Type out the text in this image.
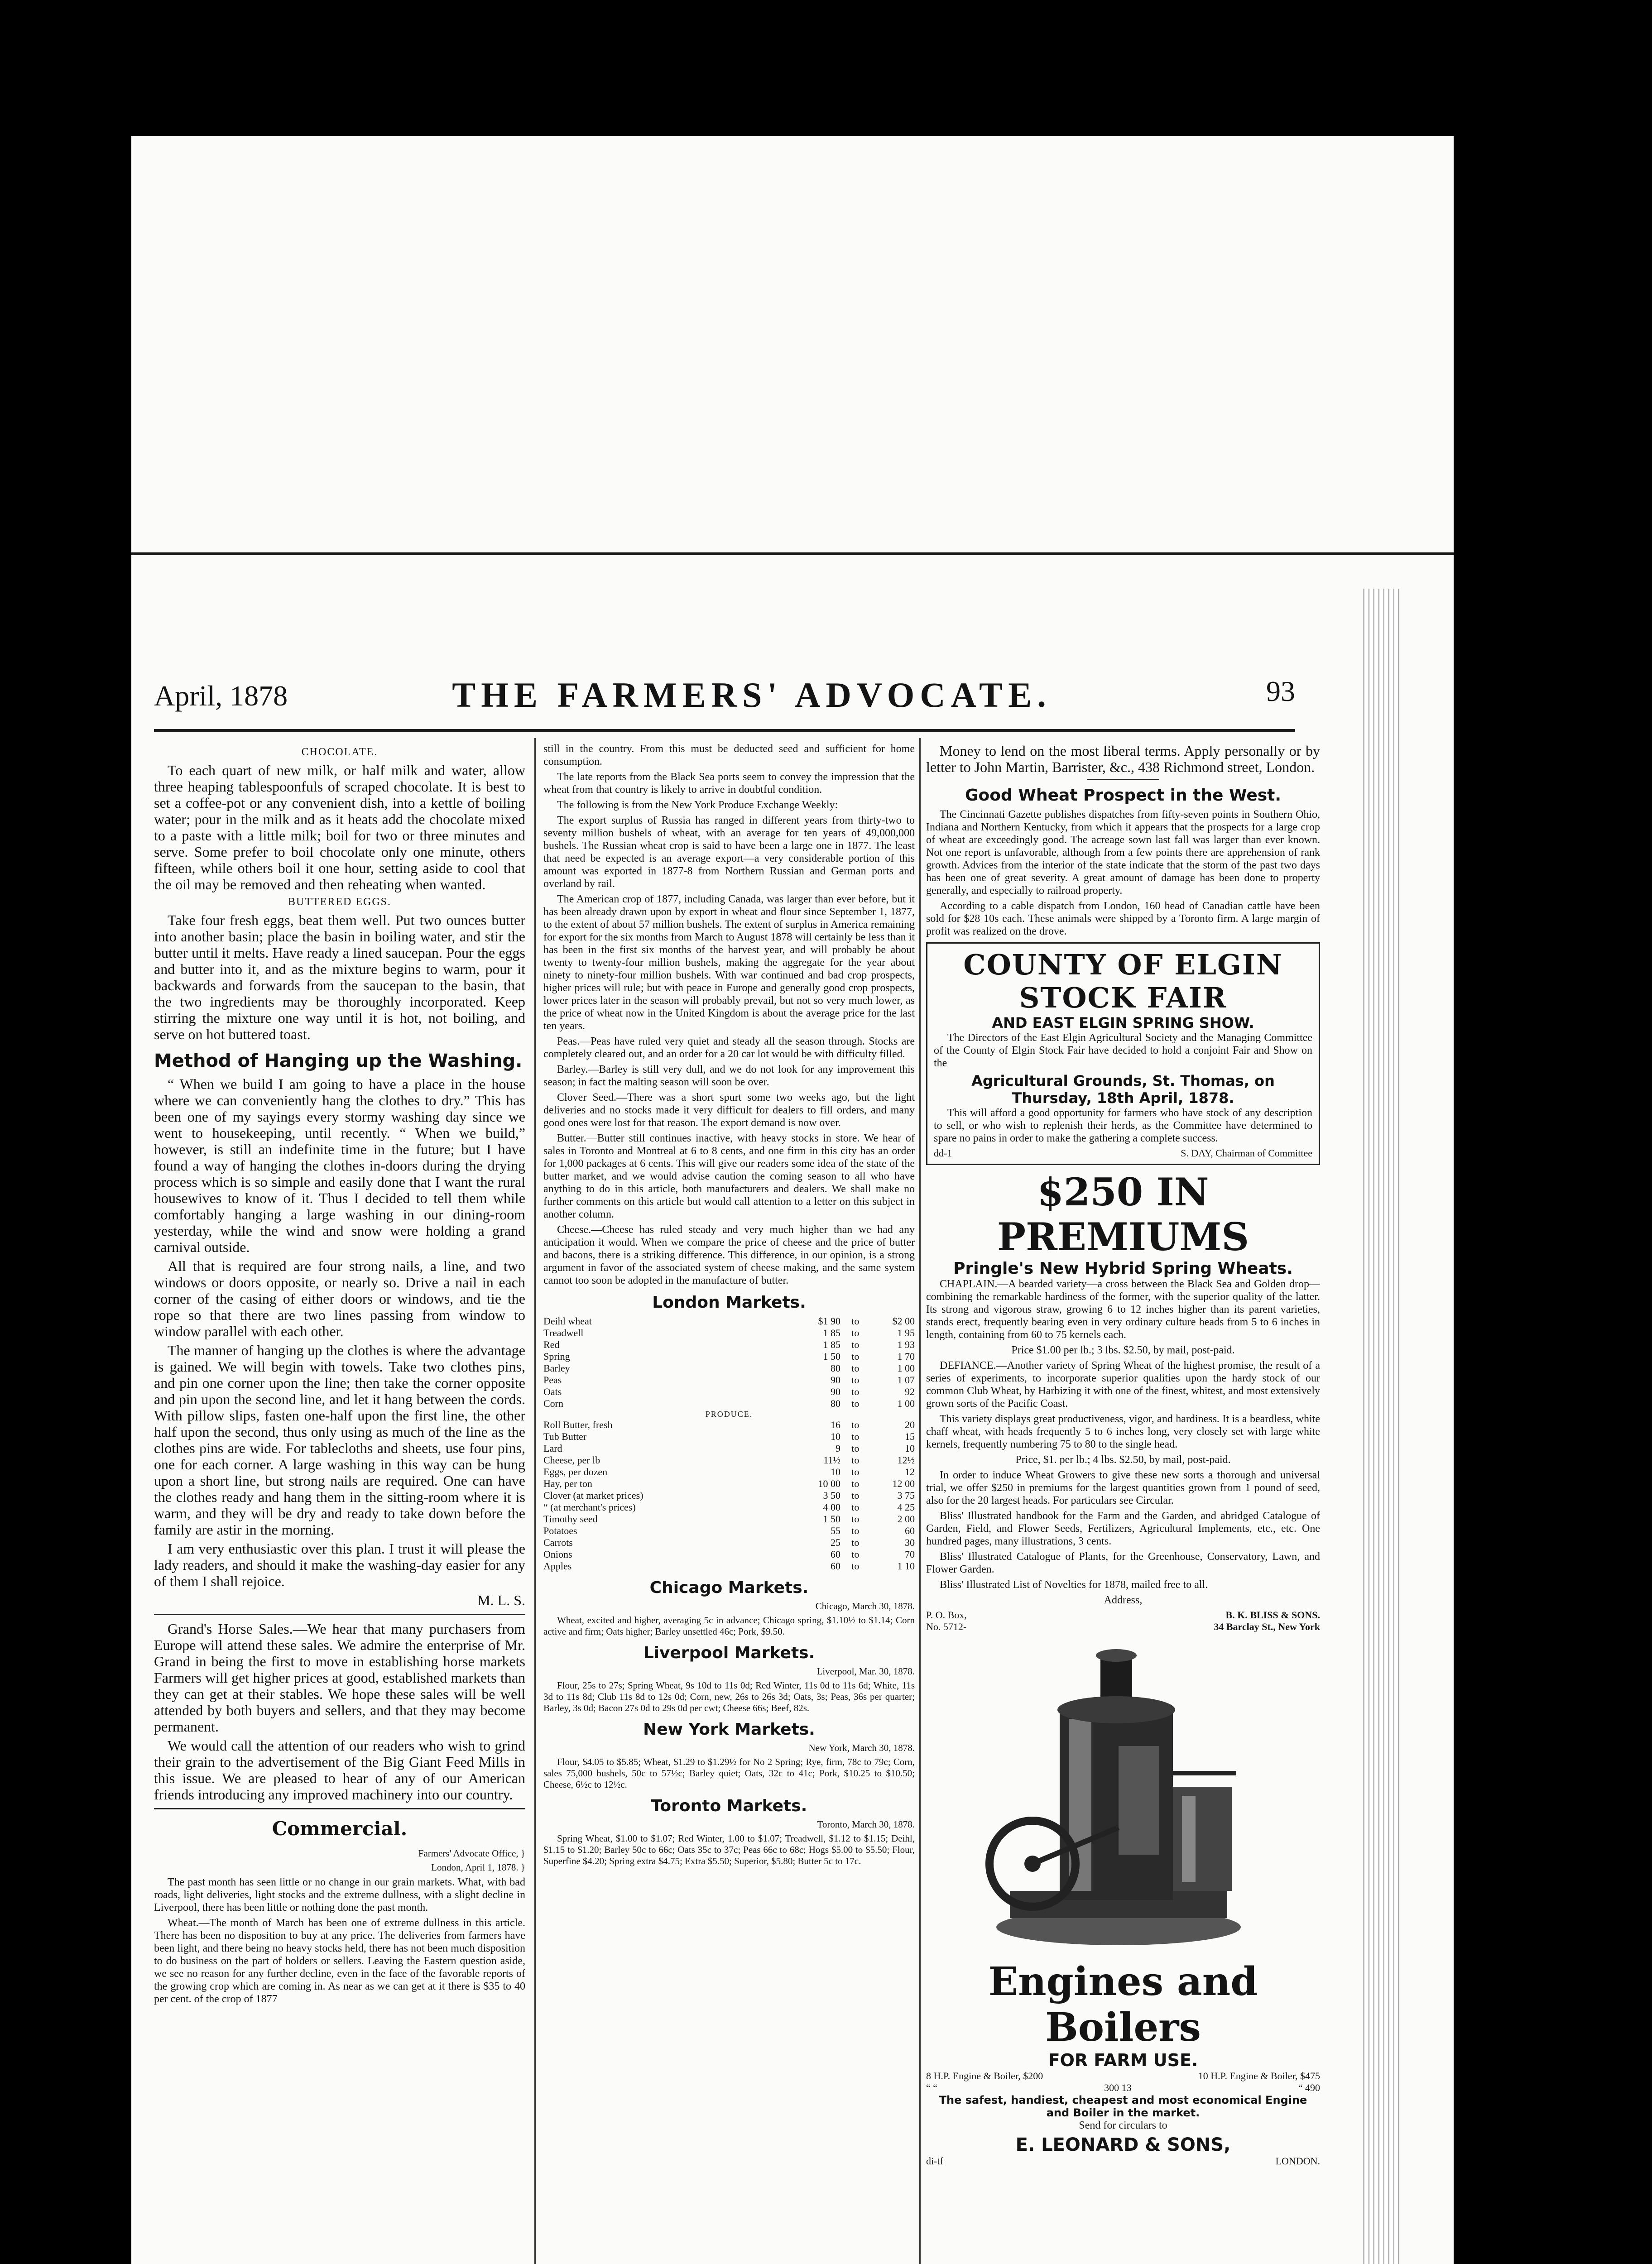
April, 1878	THE FARMERS' ADVOCATE.	93
CHOCOLATE.

To each quart of new milk, or half milk and water, allow three heaping tablespoonfuls of scraped chocolate. It is best to set a coffee-pot or any convenient dish, into a kettle of boiling water; pour in the milk and as it heats add the chocolate mixed to a paste with a little milk; boil for two or three minutes and serve. Some prefer to boil chocolate only one minute, others fifteen, while others boil it one hour, setting aside to cool that the oil may be removed and then reheating when wanted.

BUTTERED EGGS.

Take four fresh eggs, beat them well. Put two ounces butter into another basin; place the basin in boiling water, and stir the butter until it melts. Have ready a lined saucepan. Pour the eggs and butter into it, and as the mixture begins to warm, pour it backwards and forwards from the saucepan to the basin, that the two ingredients may be thoroughly incorporated. Keep stirring the mixture one way until it is hot, not boiling, and serve on hot buttered toast.

Method of Hanging up the Washing.

“ When we build I am going to have a place in the house where we can conveniently hang the clothes to dry.” This has been one of my sayings every stormy washing day since we went to housekeeping, until recently. “ When we build,” however, is still an indefinite time in the future; but I have found a way of hanging the clothes in-doors during the drying process which is so simple and easily done that I want the rural housewives to know of it. Thus I decided to tell them while comfortably hanging a large washing in our dining-room yesterday, while the wind and snow were holding a grand carnival outside.

All that is required are four strong nails, a line, and two windows or doors opposite, or nearly so. Drive a nail in each corner of the casing of either doors or windows, and tie the rope so that there are two lines passing from window to window parallel with each other.

The manner of hanging up the clothes is where the advantage is gained. We will begin with towels. Take two clothes pins, and pin one corner upon the line; then take the corner opposite and pin upon the second line, and let it hang between the cords. With pillow slips, fasten one-half upon the first line, the other half upon the second, thus only using as much of the line as the clothes pins are wide. For tablecloths and sheets, use four pins, one for each corner. A large washing in this way can be hung upon a short line, but strong nails are required. One can have the clothes ready and hang them in the sitting-room where it is warm, and they will be dry and ready to take down before the family are astir in the morning.

I am very enthusiastic over this plan. I trust it will please the lady readers, and should it make the washing-day easier for any of them I shall rejoice.

M. L. S.

Grand's Horse Sales.—We hear that many purchasers from Europe will attend these sales. We admire the enterprise of Mr. Grand in being the first to move in establishing horse markets Farmers will get higher prices at good, established markets than they can get at their stables. We hope these sales will be well attended by both buyers and sellers, and that they may become permanent.

We would call the attention of our readers who wish to grind their grain to the advertisement of the Big Giant Feed Mills in this issue. We are pleased to hear of any of our American friends introducing any improved machinery into our country.

Commercial.

Farmers' Advocate Office, }

London, April 1, 1878. }

The past month has seen little or no change in our grain markets. What, with bad roads, light deliveries, light stocks and the extreme dullness, with a slight decline in Liverpool, there has been little or nothing done the past month.

Wheat.—The month of March has been one of extreme dullness in this article. There has been no disposition to buy at any price. The deliveries from farmers have been light, and there being no heavy stocks held, there has not been much disposition to do business on the part of holders or sellers. Leaving the Eastern question aside, we see no reason for any further decline, even in the face of the favorable reports of the growing crop which are coming in. As near as we can get at it there is $35 to 40 per cent. of the crop of 1877

still in the country. From this must be deducted seed and sufficient for home consumption.

The late reports from the Black Sea ports seem to convey the impression that the wheat from that country is likely to arrive in doubtful condition.

The following is from the New York Produce Exchange Weekly:

The export surplus of Russia has ranged in different years from thirty-two to seventy million bushels of wheat, with an average for ten years of 49,000,000 bushels. The Russian wheat crop is said to have been a large one in 1877. The least that need be expected is an average export—a very considerable portion of this amount was exported in 1877-8 from Northern Russian and German ports and overland by rail.

The American crop of 1877, including Canada, was larger than ever before, but it has been already drawn upon by export in wheat and flour since September 1, 1877, to the extent of about 57 million bushels. The extent of surplus in America remaining for export for the six months from March to August 1878 will certainly be less than it has been in the first six months of the harvest year, and will probably be about twenty to twenty-four million bushels, making the aggregate for the year about ninety to ninety-four million bushels. With war continued and bad crop prospects, higher prices will rule; but with peace in Europe and generally good crop prospects, lower prices later in the season will probably prevail, but not so very much lower, as the price of wheat now in the United Kingdom is about the average price for the last ten years.

Peas.—Peas have ruled very quiet and steady all the season through. Stocks are completely cleared out, and an order for a 20 car lot would be with difficulty filled.

Barley.—Barley is still very dull, and we do not look for any improvement this season; in fact the malting season will soon be over.

Clover Seed.—There was a short spurt some two weeks ago, but the light deliveries and no stocks made it very difficult for dealers to fill orders, and many good ones were lost for that reason. The export demand is now over.

Butter.—Butter still continues inactive, with heavy stocks in store. We hear of sales in Toronto and Montreal at 6 to 8 cents, and one firm in this city has an order for 1,000 packages at 6 cents. This will give our readers some idea of the state of the butter market, and we would advise caution the coming season to all who have anything to do in this article, both manufacturers and dealers. We shall make no further comments on this article but would call attention to a letter on this subject in another column.

Cheese.—Cheese has ruled steady and very much higher than we had any anticipation it would. When we compare the price of cheese and the price of butter and bacons, there is a striking difference. This difference, in our opinion, is a strong argument in favor of the associated system of cheese making, and the same system cannot too soon be adopted in the manufacture of butter.

London Markets.
Deihl wheat	$1 90	to	$2 00
Treadwell	1 85	to	1 95
Red	1 85	to	1 93
Spring	1 50	to	1 70
Barley	80	to	1 00
Peas	90	to	1 07
Oats	90	to	92
Corn	80	to	1 00
PRODUCE.
Roll Butter, fresh	16	to	20
Tub Butter	10	to	15
Lard	9	to	10
Cheese, per lb	11½	to	12½
Eggs, per dozen	10	to	12
Hay, per ton	10 00	to	12 00
Clover (at market prices)	3 50	to	3 75
“ (at merchant's prices)	4 00	to	4 25
Timothy seed	1 50	to	2 00
Potatoes	55	to	60
Carrots	25	to	30
Onions	60	to	70
Apples	60	to	1 10
Chicago Markets.

Chicago, March 30, 1878.

Wheat, excited and higher, averaging 5c in advance; Chicago spring, $1.10½ to $1.14; Corn active and firm; Oats higher; Barley unsettled 46c; Pork, $9.50.

Liverpool Markets.

Liverpool, Mar. 30, 1878.

Flour, 25s to 27s; Spring Wheat, 9s 10d to 11s 0d; Red Winter, 11s 0d to 11s 6d; White, 11s 3d to 11s 8d; Club 11s 8d to 12s 0d; Corn, new, 26s to 26s 3d; Oats, 3s; Peas, 36s per quarter; Barley, 3s 0d; Bacon 27s 0d to 29s 0d per cwt; Cheese 66s; Beef, 82s.

New York Markets.

New York, March 30, 1878.

Flour, $4.05 to $5.85; Wheat, $1.29 to $1.29½ for No 2 Spring; Rye, firm, 78c to 79c; Corn, sales 75,000 bushels, 50c to 57½c; Barley quiet; Oats, 32c to 41c; Pork, $10.25 to $10.50; Cheese, 6½c to 12½c.

Toronto Markets.

Toronto, March 30, 1878.

Spring Wheat, $1.00 to $1.07; Red Winter, 1.00 to $1.07; Treadwell, $1.12 to $1.15; Deihl, $1.15 to $1.20; Barley 50c to 66c; Oats 35c to 37c; Peas 66c to 68c; Hogs $5.00 to $5.50; Flour, Superfine $4.20; Spring extra $4.75; Extra $5.50; Superior, $5.80; Butter 5c to 17c.

Money to lend on the most liberal terms. Apply personally or by letter to John Martin, Barrister, &c., 438 Richmond street, London.

Good Wheat Prospect in the West.

The Cincinnati Gazette publishes dispatches from fifty-seven points in Southern Ohio, Indiana and Northern Kentucky, from which it appears that the prospects for a large crop of wheat are exceedingly good. The acreage sown last fall was larger than ever known. Not one report is unfavorable, although from a few points there are apprehension of rank growth. Advices from the interior of the state indicate that the storm of the past two days has been one of great severity. A great amount of damage has been done to property generally, and especially to railroad property.

According to a cable dispatch from London, 160 head of Canadian cattle have been sold for $28 10s each. These animals were shipped by a Toronto firm. A large margin of profit was realized on the drove.

COUNTY OF ELGIN STOCK FAIR
AND EAST ELGIN SPRING SHOW.

The Directors of the East Elgin Agricultural Society and the Managing Committee of the County of Elgin Stock Fair have decided to hold a conjoint Fair and Show on the

Agricultural Grounds, St. Thomas, on Thursday, 18th April, 1878.

This will afford a good opportunity for farmers who have stock of any description to sell, or who wish to replenish their herds, as the Committee have determined to spare no pains in order to make the gathering a complete success.

dd-1	S. DAY, Chairman of Committee
$250 IN PREMIUMS
Pringle's New Hybrid Spring Wheats.

CHAPLAIN.—A bearded variety—a cross between the Black Sea and Golden drop—combining the remarkable hardiness of the former, with the superior quality of the latter. Its strong and vigorous straw, growing 6 to 12 inches higher than its parent varieties, stands erect, frequently bearing even in very ordinary culture heads from 5 to 6 inches in length, containing from 60 to 75 kernels each.

Price $1.00 per lb.; 3 lbs. $2.50, by mail, post-paid.

DEFIANCE.—Another variety of Spring Wheat of the highest promise, the result of a series of experiments, to incorporate superior qualities upon the hardy stock of our common Club Wheat, by Harbizing it with one of the finest, whitest, and most extensively grown sorts of the Pacific Coast.

This variety displays great productiveness, vigor, and hardiness. It is a beardless, white chaff wheat, with heads frequently 5 to 6 inches long, very closely set with large white kernels, frequently numbering 75 to 80 to the single head.

Price, $1. per lb.; 4 lbs. $2.50, by mail, post-paid.

In order to induce Wheat Growers to give these new sorts a thorough and universal trial, we offer $250 in premiums for the largest quantities grown from 1 pound of seed, also for the 20 largest heads. For particulars see Circular.

Bliss' Illustrated handbook for the Farm and the Garden, and abridged Catalogue of Garden, Field, and Flower Seeds, Fertilizers, Agricultural Implements, etc., etc. One hundred pages, many illustrations, 3 cents.

Bliss' Illustrated Catalogue of Plants, for the Greenhouse, Conservatory, Lawn, and Flower Garden.

Bliss' Illustrated List of Novelties for 1878, mailed free to all.

Address,

P. O. Box,	B. K. BLISS & SONS.
No. 5712-	34 Barclay St., New York
Engines and Boilers
FOR FARM USE.
8 H.P. Engine & Boiler, $200	10 H.P. Engine & Boiler, $475
“ “	300 13	“ 490
The safest, handiest, cheapest and most economical Engine and Boiler in the market.

Send for circulars to

E. LEONARD & SONS,
di-tf	LONDON.
